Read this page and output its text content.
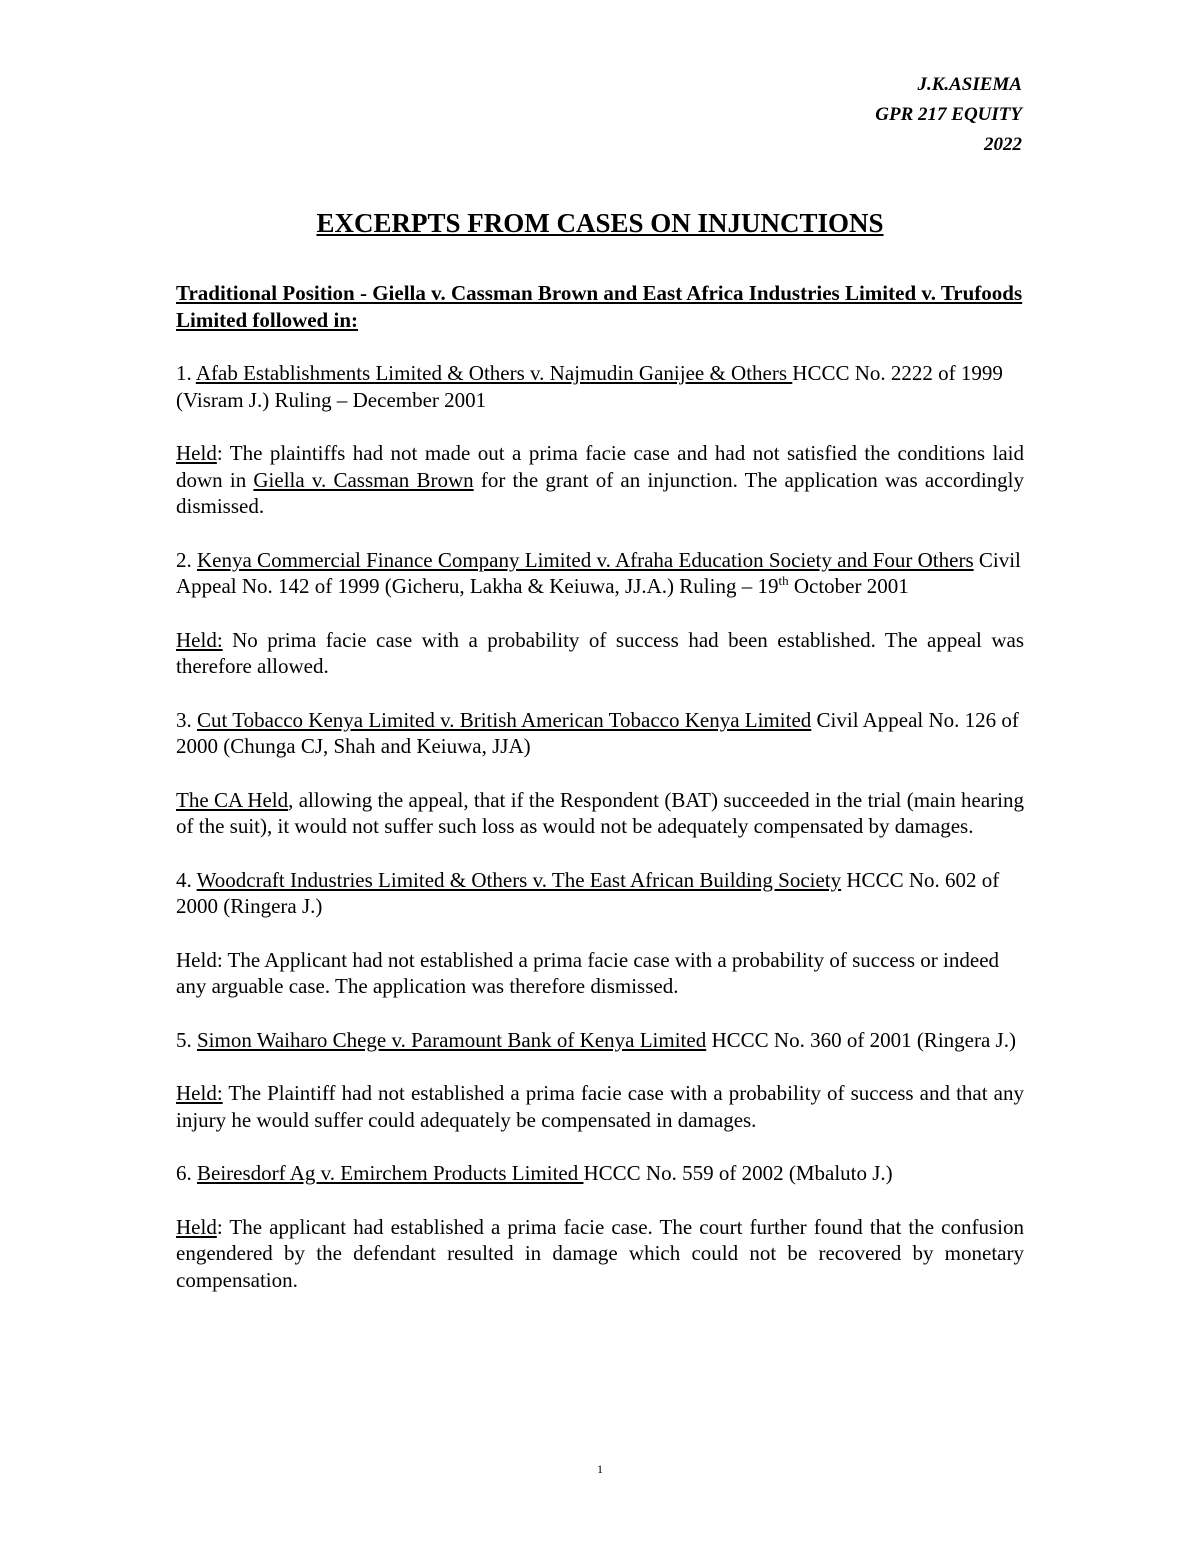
J.K.ASIEMA
GPR 217 EQUITY
2022
EXCERPTS FROM CASES ON INJUNCTIONS
Traditional Position - Giella v. Cassman Brown and East Africa Industries Limited v. Trufoods Limited followed in:

1. Afab Establishments Limited & Others v. Najmudin Ganijee & Others HCCC No. 2222 of 1999 (Visram J.) Ruling – December 2001

Held: The plaintiffs had not made out a prima facie case and had not satisfied the conditions laid down in Giella v. Cassman Brown for the grant of an injunction. The application was accordingly dismissed.

2. Kenya Commercial Finance Company Limited v. Afraha Education Society and Four Others Civil Appeal No. 142 of 1999 (Gicheru, Lakha & Keiuwa, JJ.A.) Ruling – 19th October 2001

Held: No prima facie case with a probability of success had been established. The appeal was therefore allowed.

3. Cut Tobacco Kenya Limited v. British American Tobacco Kenya Limited Civil Appeal No. 126 of 2000 (Chunga CJ, Shah and Keiuwa, JJA)

The CA Held, allowing the appeal, that if the Respondent (BAT) succeeded in the trial (main hearing of the suit), it would not suffer such loss as would not be adequately compensated by damages.

4. Woodcraft Industries Limited & Others v. The East African Building Society HCCC No. 602 of 2000 (Ringera J.)

Held: The Applicant had not established a prima facie case with a probability of success or indeed any arguable case. The application was therefore dismissed.

5. Simon Waiharo Chege v. Paramount Bank of Kenya Limited HCCC No. 360 of 2001 (Ringera J.)

Held: The Plaintiff had not established a prima facie case with a probability of success and that any injury he would suffer could adequately be compensated in damages.

6. Beiresdorf Ag v. Emirchem Products Limited HCCC No. 559 of 2002 (Mbaluto J.)

Held: The applicant had established a prima facie case. The court further found that the confusion engendered by the defendant resulted in damage which could not be recovered by monetary compensation.

1
